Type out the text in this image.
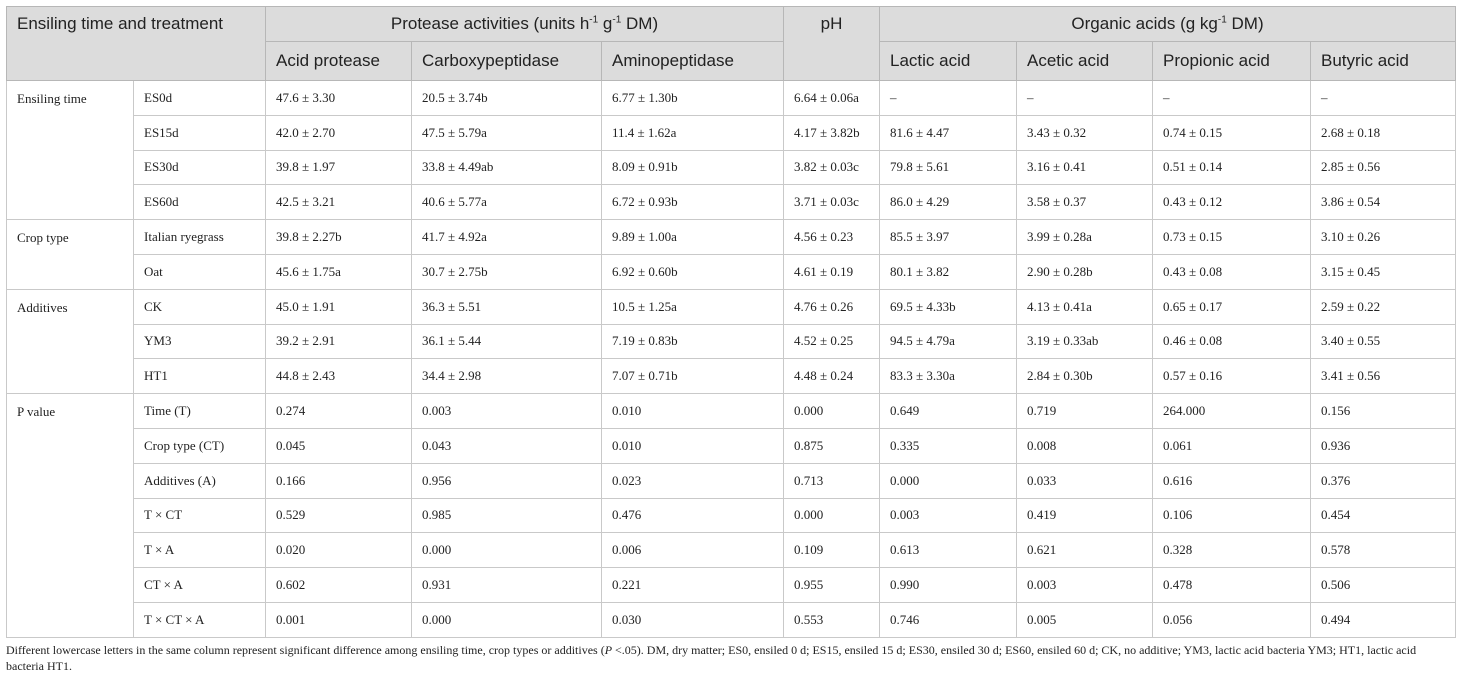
Ensiling time and treatment		Protease activities (units $h^{-1}$ $g^{-1}$ DM)			pH	Organic acids (g $kg^{-1}$ DM)			
		Acid protease	Carboxypeptidase	Aminopeptidase		Lactic acid	Acetic acid	Propionic acid	Butyric acid
Ensiling time	ES0d	47.6 ± 3.30	20.5 ± 3.74b	6.77 ± 1.30b	6.64 ± 0.06a	–	–	–	–
	ES15d	42.0 ± 2.70	47.5 ± 5.79a	11.4 ± 1.62a	4.17 ± 3.82b	81.6 ± 4.47	3.43 ± 0.32	0.74 ± 0.15	2.68 ± 0.18
	ES30d	39.8 ± 1.97	33.8 ± 4.49ab	8.09 ± 0.91b	3.82 ± 0.03c	79.8 ± 5.61	3.16 ± 0.41	0.51 ± 0.14	2.85 ± 0.56
	ES60d	42.5 ± 3.21	40.6 ± 5.77a	6.72 ± 0.93b	3.71 ± 0.03c	86.0 ± 4.29	3.58 ± 0.37	0.43 ± 0.12	3.86 ± 0.54
Crop type	Italian ryegrass	39.8 ± 2.27b	41.7 ± 4.92a	9.89 ± 1.00a	4.56 ± 0.23	85.5 ± 3.97	3.99 ± 0.28a	0.73 ± 0.15	3.10 ± 0.26
	Oat	45.6 ± 1.75a	30.7 ± 2.75b	6.92 ± 0.60b	4.61 ± 0.19	80.1 ± 3.82	2.90 ± 0.28b	0.43 ± 0.08	3.15 ± 0.45
Additives	CK	45.0 ± 1.91	36.3 ± 5.51	10.5 ± 1.25a	4.76 ± 0.26	69.5 ± 4.33b	4.13 ± 0.41a	0.65 ± 0.17	2.59 ± 0.22
	YM3	39.2 ± 2.91	36.1 ± 5.44	7.19 ± 0.83b	4.52 ± 0.25	94.5 ± 4.79a	3.19 ± 0.33ab	0.46 ± 0.08	3.40 ± 0.55
	HT1	44.8 ± 2.43	34.4 ± 2.98	7.07 ± 0.71b	4.48 ± 0.24	83.3 ± 3.30a	2.84 ± 0.30b	0.57 ± 0.16	3.41 ± 0.56
P value	Time (T)	0.274	0.003	0.010	0.000	0.649	0.719	264.000	0.156
	Crop type (CT)	0.045	0.043	0.010	0.875	0.335	0.008	0.061	0.936
	Additives (A)	0.166	0.956	0.023	0.713	0.000	0.033	0.616	0.376
	T × CT	0.529	0.985	0.476	0.000	0.003	0.419	0.106	0.454
	T × A	0.020	0.000	0.006	0.109	0.613	0.621	0.328	0.578
	CT × A	0.602	0.931	0.221	0.955	0.990	0.003	0.478	0.506
	T × CT × A	0.001	0.000	0.030	0.553	0.746	0.005	0.056	0.494
Different lowercase letters in the same column represent significant difference among ensiling time, crop types or additives (P <.05). DM, dry matter; ES0, ensiled 0 d; ES15, ensiled 15 d; ES30, ensiled 30 d; ES60, ensiled 60 d; CK, no additive; YM3, lactic acid bacteria YM3; HT1, lactic acid bacteria HT1.
